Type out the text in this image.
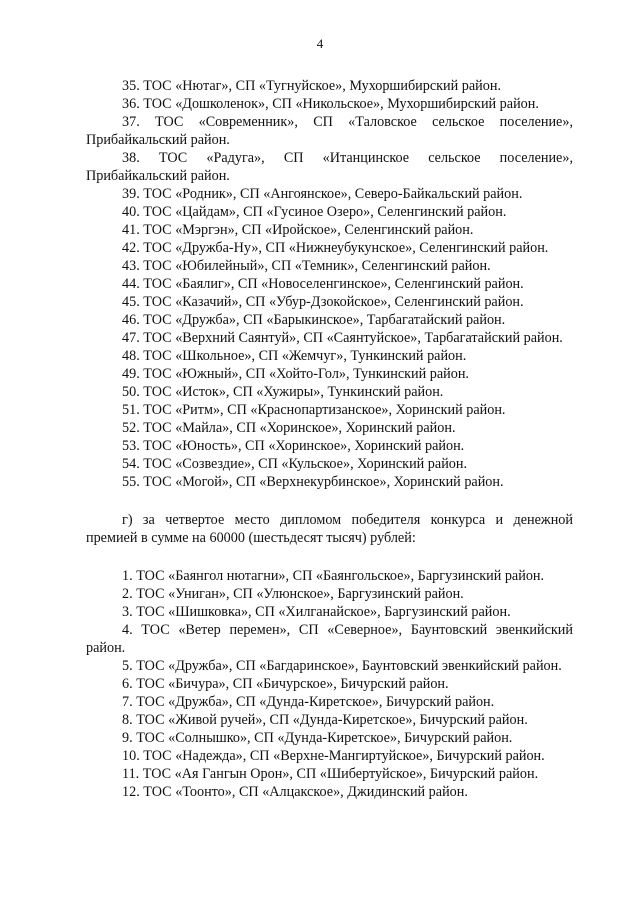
4

35. ТОС «Нютаг», СП «Тугнуйское», Мухоршибирский район.

36. ТОС «Дошколенок», СП «Никольское», Мухоршибирский район.

37. ТОС «Современник», СП «Таловское сельское поселение», Прибайкальский район.

38. ТОС «Радуга», СП «Итанцинское сельское поселение», Прибайкальский район.

39. ТОС «Родник», СП «Ангоянское», Северо-Байкальский район.

40. ТОС «Цайдам», СП «Гусиное Озеро», Селенгинский район.

41. ТОС «Мэргэн», СП «Иройское», Селенгинский район.

42. ТОС «Дружба-Ну», СП «Нижнеубукунское», Селенгинский район.

43. ТОС «Юбилейный», СП «Темник», Селенгинский район.

44. ТОС «Баялиг», СП «Новоселенгинское», Селенгинский район.

45. ТОС «Казачий», СП «Убур-Дзокойское», Селенгинский район.

46. ТОС «Дружба», СП «Барыкинское», Тарбагатайский район.

47. ТОС «Верхний Саянтуй», СП «Саянтуйское», Тарбагатайский район.

48. ТОС «Школьное», СП «Жемчуг», Тункинский район.

49. ТОС «Южный», СП «Хойто-Гол», Тункинский район.

50. ТОС «Исток», СП «Хужиры», Тункинский район.

51. ТОС «Ритм», СП «Краснопартизанское», Хоринский район.

52. ТОС «Майла», СП «Хоринское», Хоринский район.

53. ТОС «Юность», СП «Хоринское», Хоринский район.

54. ТОС «Созвездие», СП «Кульское», Хоринский район.

55. ТОС «Могой», СП «Верхнекурбинское», Хоринский район.

г) за четвертое место дипломом победителя конкурса и денежной премией в сумме на 60000 (шестьдесят тысяч) рублей:

1. ТОС «Баянгол нютагни», СП «Баянгольское», Баргузинский район.

2. ТОС «Униган», СП «Улюнское», Баргузинский район.

3. ТОС «Шишковка», СП «Хилганайское», Баргузинский район.

4. ТОС «Ветер перемен», СП «Северное», Баунтовский эвенкийский район.

5. ТОС «Дружба», СП «Багдаринское», Баунтовский эвенкийский район.

6. ТОС «Бичура», СП «Бичурское», Бичурский район.

7. ТОС «Дружба», СП «Дунда-Киретское», Бичурский район.

8. ТОС «Живой ручей», СП «Дунда-Киретское», Бичурский район.

9. ТОС «Солнышко», СП «Дунда-Киретское», Бичурский район.

10. ТОС «Надежда», СП «Верхне-Мангиртуйское», Бичурский район.

11. ТОС «Ая Гангын Орон», СП «Шибертуйское», Бичурский район.

12. ТОС «Тоонто», СП «Алцакское», Джидинский район.
